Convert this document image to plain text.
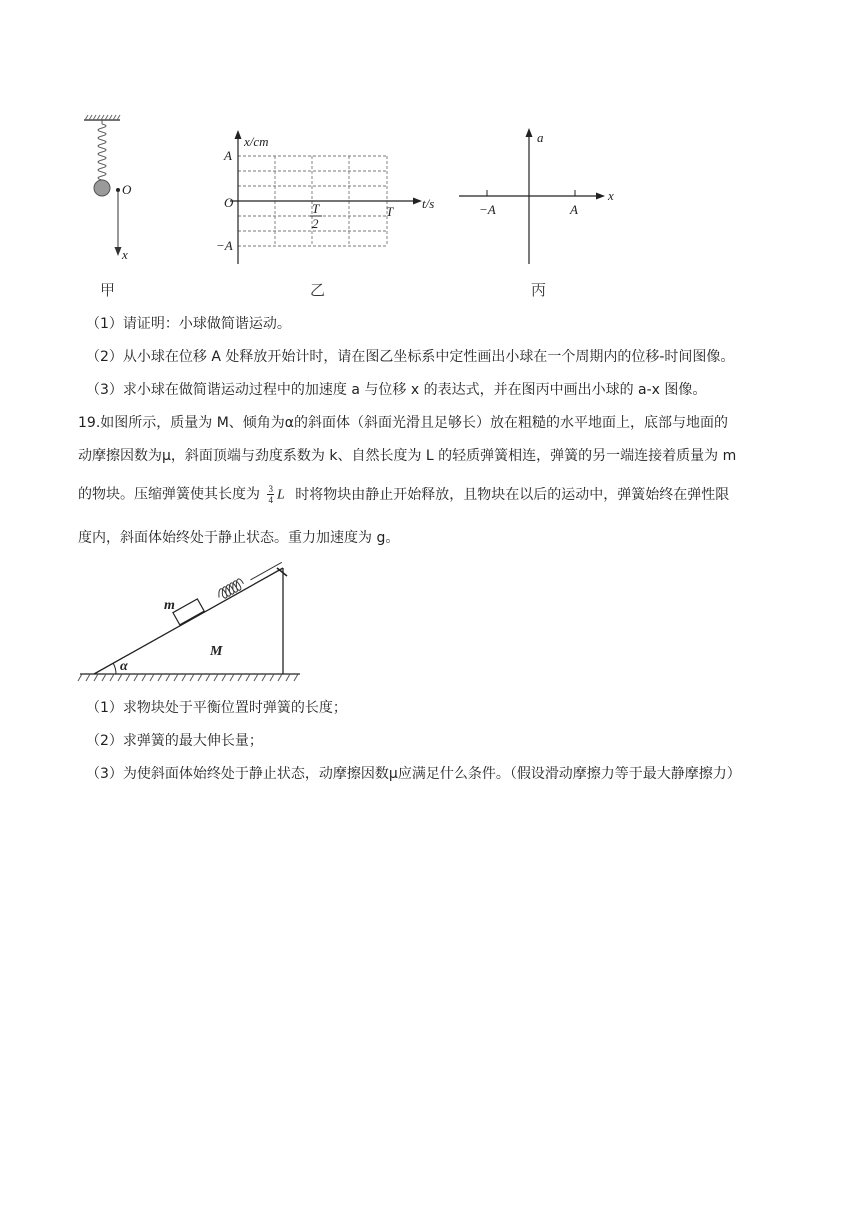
O
x
甲
x/cm
t/s
O
A
−A
T
T
2
乙
a
x
−A	A
丙
（1）请证明：小球做简谐运动。
（2）从小球在位移 A 处释放开始计时，请在图乙坐标系中定性画出小球在一个周期内的位移-时间图像。
（3）求小球在做简谐运动过程中的加速度 a 与位移 x 的表达式，并在图丙中画出小球的 a-x 图像。
19.如图所示，质量为 M、倾角为α的斜面体（斜面光滑且足够长）放在粗糙的水平地面上，底部与地面的
动摩擦因数为μ，斜面顶端与劲度系数为 k、自然长度为 L 的轻质弹簧相连，弹簧的另一端连接着质量为 m
的物块。压缩弹簧使其长度为 $\frac{3}{4}$ L 时将物块由静止开始释放，且物块在以后的运动中，弹簧始终在弹性限
度内，斜面体始终处于静止状态。重力加速度为 g。
m
M
α
（1）求物块处于平衡位置时弹簧的长度；
（2）求弹簧的最大伸长量；
（3）为使斜面体始终处于静止状态，动摩擦因数μ应满足什么条件。（假设滑动摩擦力等于最大静摩擦力）
